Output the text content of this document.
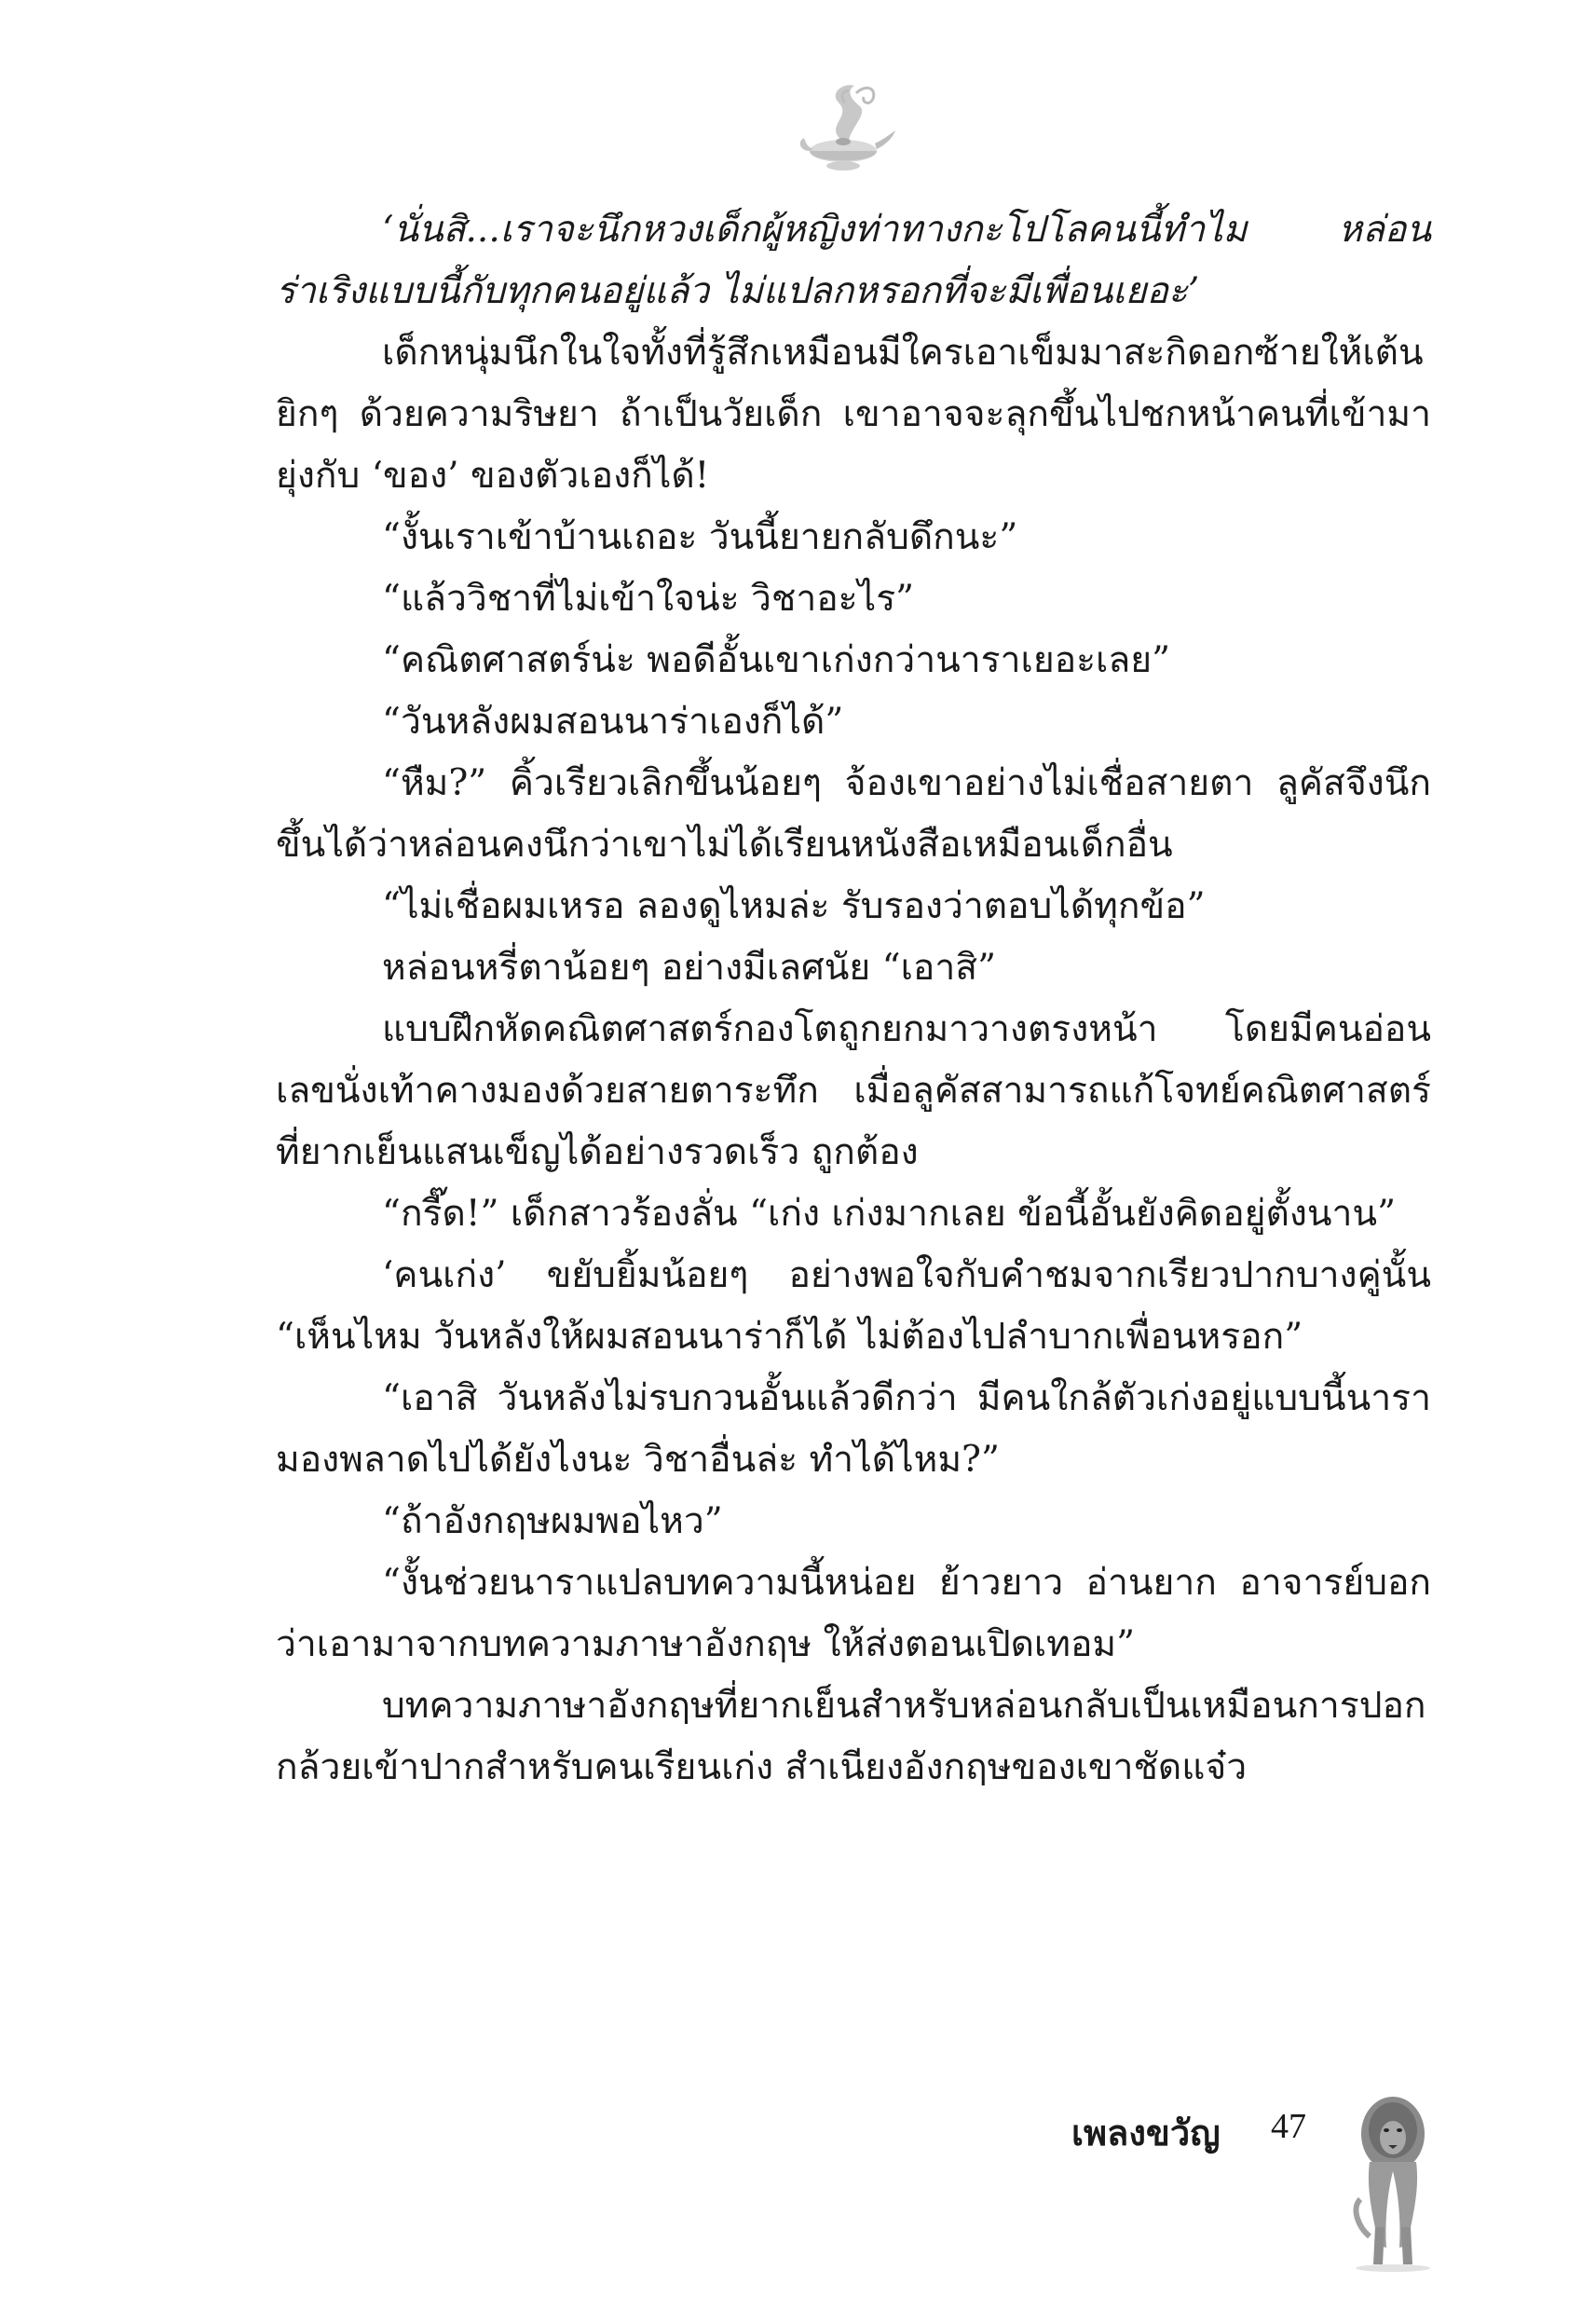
‘นั่นสิ...เราจะนึกหวงเด็กผู้หญิงท่าทางกะโปโลคนนี้ทำไม หล่อนร่าเริงแบบนี้กับทุกคนอยู่แล้ว ไม่แปลกหรอกที่จะมีเพื่อนเยอะ’

เด็กหนุ่มนึกในใจทั้งที่รู้สึกเหมือนมีใครเอาเข็มมาสะกิดอกซ้ายให้เต้นยิกๆ ด้วยความริษยา ถ้าเป็นวัยเด็ก เขาอาจจะลุกขึ้นไปชกหน้าคนที่เข้ามายุ่งกับ ‘ของ’ ของตัวเองก็ได้!

“งั้นเราเข้าบ้านเถอะ วันนี้ยายกลับดึกนะ”

“แล้ววิชาที่ไม่เข้าใจน่ะ วิชาอะไร”

“คณิตศาสตร์น่ะ พอดีอั้นเขาเก่งกว่านาราเยอะเลย”

“วันหลังผมสอนนาร่าเองก็ได้”

“หืม?” คิ้วเรียวเลิกขึ้นน้อยๆ จ้องเขาอย่างไม่เชื่อสายตา ลูคัสจึงนึกขึ้นได้ว่าหล่อนคงนึกว่าเขาไม่ได้เรียนหนังสือเหมือนเด็กอื่น

“ไม่เชื่อผมเหรอ ลองดูไหมล่ะ รับรองว่าตอบได้ทุกข้อ”

หล่อนหรี่ตาน้อยๆ อย่างมีเลศนัย “เอาสิ”

แบบฝึกหัดคณิตศาสตร์กองโตถูกยกมาวางตรงหน้า โดยมีคนอ่อนเลขนั่งเท้าคางมองด้วยสายตาระทึก เมื่อลูคัสสามารถแก้โจทย์คณิตศาสตร์ที่ยากเย็นแสนเข็ญได้อย่างรวดเร็ว ถูกต้อง

“กรี๊ด!” เด็กสาวร้องลั่น “เก่ง เก่งมากเลย ข้อนี้อั้นยังคิดอยู่ตั้งนาน”

‘คนเก่ง’ ขยับยิ้มน้อยๆ อย่างพอใจกับคำชมจากเรียวปากบางคู่นั้น “เห็นไหม วันหลังให้ผมสอนนาร่าก็ได้ ไม่ต้องไปลำบากเพื่อนหรอก”

“เอาสิ วันหลังไม่รบกวนอั้นแล้วดีกว่า มีคนใกล้ตัวเก่งอยู่แบบนี้นารามองพลาดไปได้ยังไงนะ วิชาอื่นล่ะ ทำได้ไหม?”

“ถ้าอังกฤษผมพอไหว”

“งั้นช่วยนาราแปลบทความนี้หน่อย ย้าวยาว อ่านยาก อาจารย์บอกว่าเอามาจากบทความภาษาอังกฤษ ให้ส่งตอนเปิดเทอม”

บทความภาษาอังกฤษที่ยากเย็นสำหรับหล่อนกลับเป็นเหมือนการปอกกล้วยเข้าปากสำหรับคนเรียนเก่ง สำเนียงอังกฤษของเขาชัดแจ๋ว

เพลงขวัญ 47
